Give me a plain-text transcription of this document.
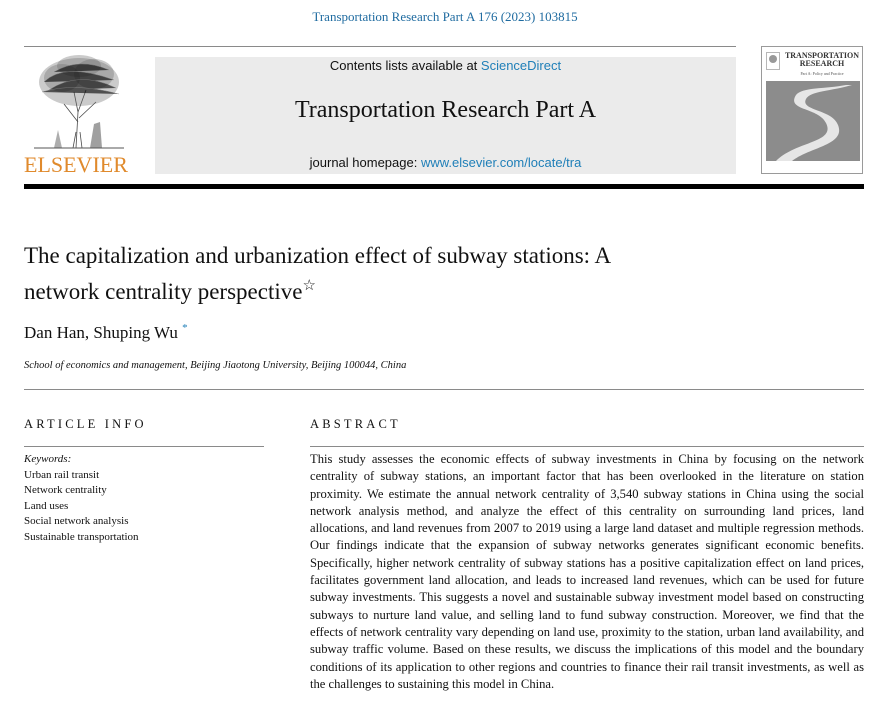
Transportation Research Part A 176 (2023) 103815
ELSEVIER
Contents lists available at ScienceDirect
Transportation Research Part A
journal homepage: www.elsevier.com/locate/tra
TRANSPORTATION
RESEARCH
Part A: Policy and Practice
The capitalization and urbanization effect of subway stations: A
network centrality perspective☆
Dan Han, Shuping Wu *
School of economics and management, Beijing Jiaotong University, Beijing 100044, China
ARTICLE INFO	ABSTRACT
Keywords:
Urban rail transit
Network centrality
Land uses
Social network analysis
Sustainable transportation

This study assesses the economic effects of subway investments in China by focusing on the network centrality of subway stations, an important factor that has been overlooked in the literature on station proximity. We estimate the annual network centrality of 3,540 subway stations in China using the social network analysis method, and analyze the effect of this centrality on surrounding land prices, land allocations, and land revenues from 2007 to 2019 using a large land dataset and multiple regression methods. Our findings indicate that the expansion of subway networks generates significant economic benefits. Specifically, higher network centrality of subway stations has a positive capitalization effect on land prices, facilitates government land allocation, and leads to increased land revenues, which can be used for future subway investments. This suggests a novel and sustainable subway investment model based on constructing subways to nurture land value, and selling land to fund subway construction. Moreover, we find that the effects of network centrality vary depending on land use, proximity to the station, urban land availability, and subway traffic volume. Based on these results, we discuss the implications of this model and the boundary conditions of its application to other regions and countries to finance their rail transit investments, as well as the challenges to sustaining this model in China.
